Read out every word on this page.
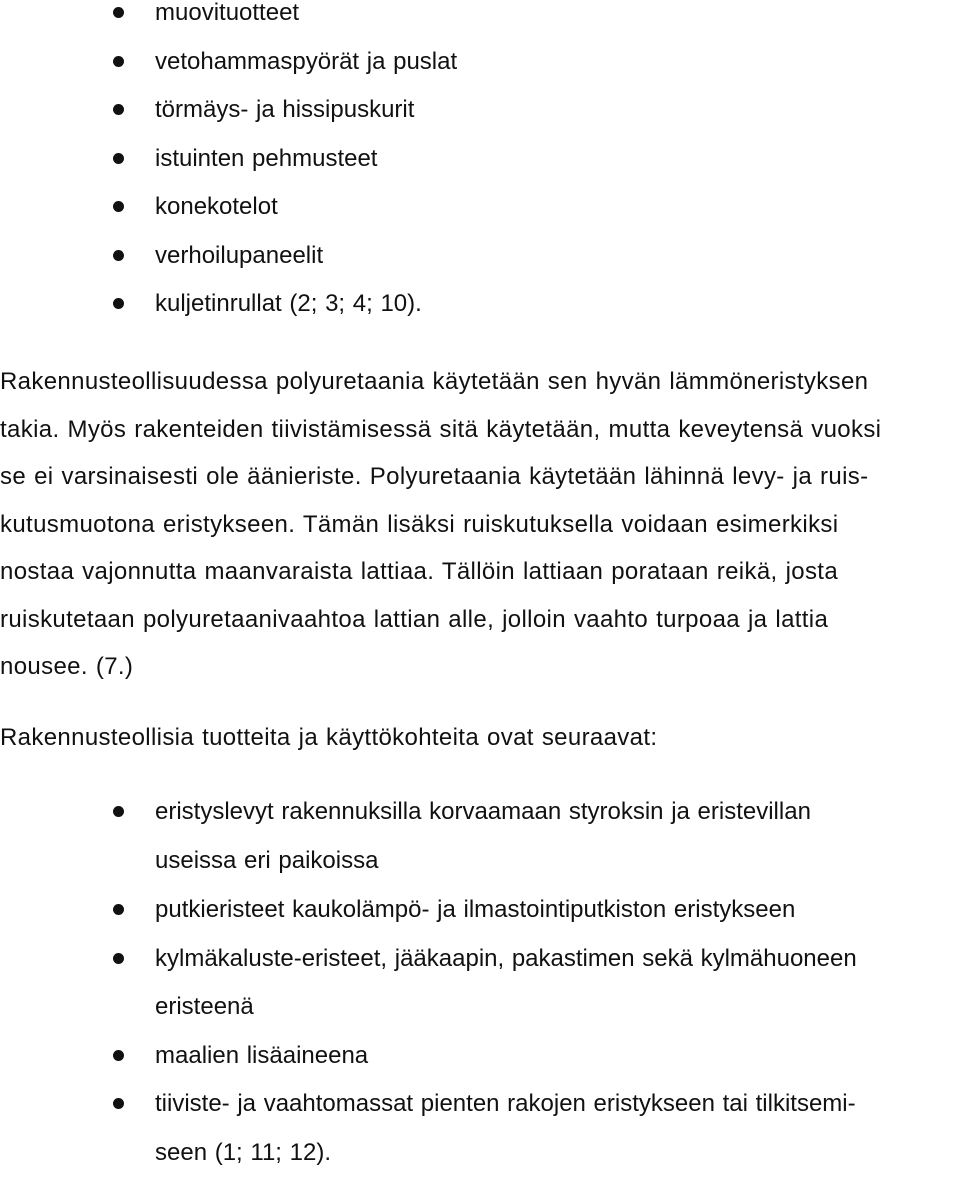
muovituotteet
vetohammaspyörät ja puslat
törmäys- ja hissipuskurit
istuinten pehmusteet
konekotelot
verhoilupaneelit
kuljetinrullat (2; 3; 4; 10).

Rakennusteollisuudessa polyuretaania käytetään sen hyvän lämmöneristyksen
takia. Myös rakenteiden tiivistämisessä sitä käytetään, mutta keveytensä vuoksi
se ei varsinaisesti ole äänieriste. Polyuretaania käytetään lähinnä levy- ja ruis-
kutusmuotona eristykseen. Tämän lisäksi ruiskutuksella voidaan esimerkiksi
nostaa vajonnutta maanvaraista lattiaa. Tällöin lattiaan porataan reikä, josta
ruiskutetaan polyuretaanivaahtoa lattian alle, jolloin vaahto turpoaa ja lattia
nousee. (7.)

Rakennusteollisia tuotteita ja käyttökohteita ovat seuraavat:

eristyslevyt rakennuksilla korvaamaan styroksin ja eristevillan
useissa eri paikoissa
putkieristeet kaukolämpö- ja ilmastointiputkiston eristykseen
kylmäkaluste-eristeet, jääkaapin, pakastimen sekä kylmähuoneen
eristeenä
maalien lisäaineena
tiiviste- ja vaahtomassat pienten rakojen eristykseen tai tilkitsemi-
seen (1; 11; 12).
